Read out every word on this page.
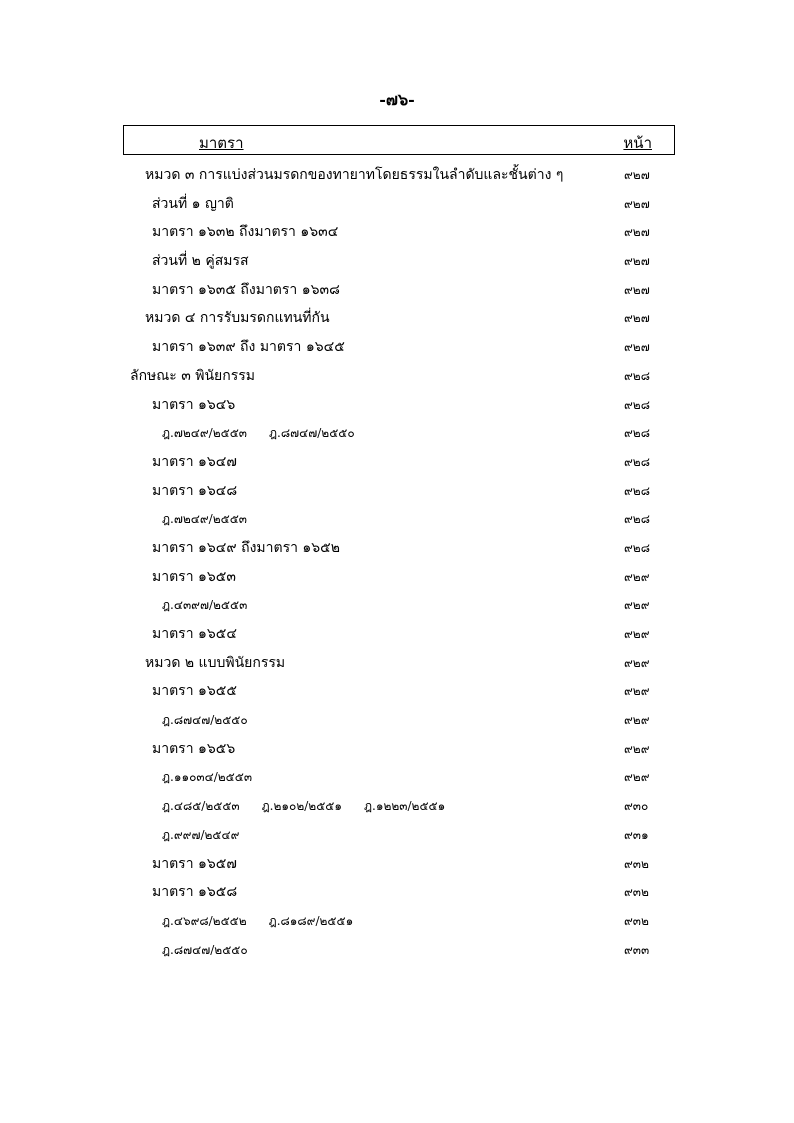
-๗๖-
มาตรา	หน้า
หมวด ๓ การแบ่งส่วนมรดกของทายาทโดยธรรมในลำดับและชั้นต่าง ๆ	๙๒๗
ส่วนที่ ๑ ญาติ	๙๒๗
มาตรา ๑๖๓๒ ถึงมาตรา ๑๖๓๔	๙๒๗
ส่วนที่ ๒ คู่สมรส	๙๒๗
มาตรา ๑๖๓๕ ถึงมาตรา ๑๖๓๘	๙๒๗
หมวด ๔ การรับมรดกแทนที่กัน	๙๒๗
มาตรา ๑๖๓๙ ถึง มาตรา ๑๖๔๕	๙๒๗
ลักษณะ ๓ พินัยกรรม	๙๒๘
มาตรา ๑๖๔๖	๙๒๘
ฎ.๗๒๔๙/๒๕๕๓ ฎ.๘๗๔๗/๒๕๕๐	๙๒๘
มาตรา ๑๖๔๗	๙๒๘
มาตรา ๑๖๔๘	๙๒๘
ฎ.๗๒๔๙/๒๕๕๓	๙๒๘
มาตรา ๑๖๔๙ ถึงมาตรา ๑๖๕๒	๙๒๘
มาตรา ๑๖๕๓	๙๒๙
ฎ.๔๓๙๗/๒๕๕๓	๙๒๙
มาตรา ๑๖๕๔	๙๒๙
หมวด ๒ แบบพินัยกรรม	๙๒๙
มาตรา ๑๖๕๕	๙๒๙
ฎ.๘๗๔๗/๒๕๕๐	๙๒๙
มาตรา ๑๖๕๖	๙๒๙
ฎ.๑๑๐๓๔/๒๕๕๓	๙๒๙
ฎ.๔๘๕/๒๕๕๓ ฎ.๒๑๐๒/๒๕๕๑ ฎ.๑๒๒๓/๒๕๕๑	๙๓๐
ฎ.๙๙๗/๒๕๔๙	๙๓๑
มาตรา ๑๖๕๗	๙๓๒
มาตรา ๑๖๕๘	๙๓๒
ฎ.๔๖๙๘/๒๕๕๒ ฎ.๘๑๘๙/๒๕๕๑	๙๓๒
ฎ.๘๗๔๗/๒๕๕๐	๙๓๓
